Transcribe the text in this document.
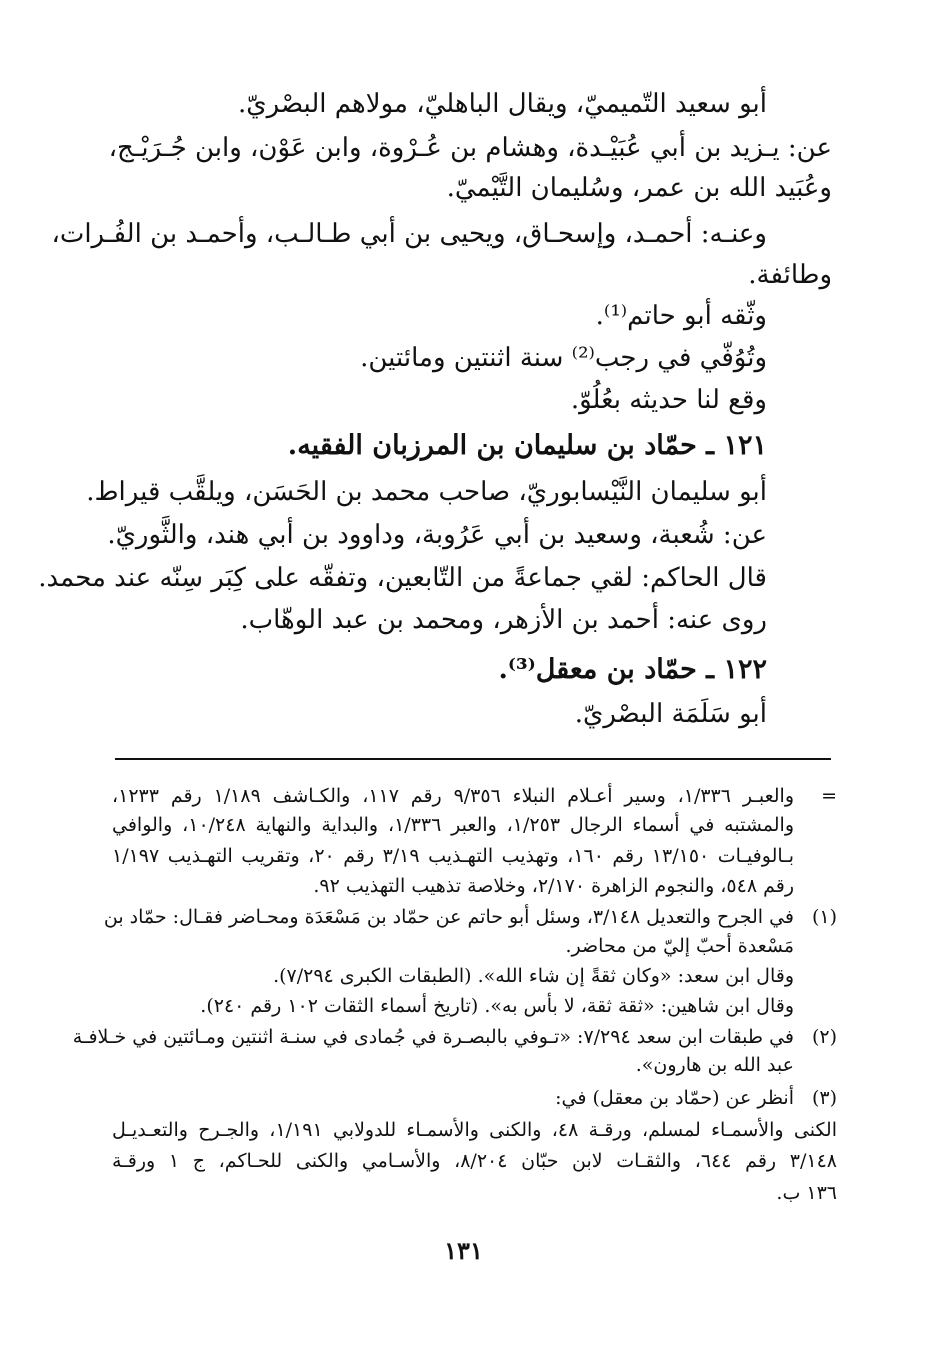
أبو سعيد التّميميّ، ويقال الباهليّ، مولاهم البصْريّ.
عن: يـزيد بن أبي عُبَيْـدة، وهشام بن عُـرْوة، وابن عَوْن، وابن جُـرَيْـج،
وعُبَيد الله بن عمر، وسُليمان التَّيْميّ.
وعنـه: أحمـد، وإسحـاق، ويحيى بن أبي طـالـب، وأحمـد بن الفُـرات،
وطائفة.
وثّقه أبو حاتم⁽¹⁾.
وتُوُفّي في رجب⁽²⁾ سنة اثنتين ومائتين.
وقع لنا حديثه بعُلُوّ.
١٢١ ـ حمّاد بن سليمان بن المرزبان الفقيه.
أبو سليمان النَّيْسابوريّ، صاحب محمد بن الحَسَن، ويلقَّب قيراط.
عن: شُعبة، وسعيد بن أبي عَرُوبة، وداوود بن أبي هند، والثَّوريّ.
قال الحاكم: لقي جماعةً من التّابعين، وتفقّه على كِبَر سِنّه عند محمد.
روى عنه: أحمد بن الأزهر، ومحمد بن عبد الوهّاب.
١٢٢ ـ حمّاد بن معقل⁽³⁾.
أبو سَلَمَة البصْريّ.
=
والعبـر ١/٣٣٦، وسير أعـلام النبلاء ٩/٣٥٦ رقم ١١٧، والكـاشف ١/١٨٩ رقم ١٢٣٣،
والمشتبه في أسماء الرجال ١/٢٥٣، والعبر ١/٣٣٦، والبداية والنهاية ١٠/٢٤٨، والوافي
بـالوفيـات ١٣/١٥٠ رقم ١٦٠، وتهذيب التهـذيب ٣/١٩ رقم ٢٠، وتقريب التهـذيب ١/١٩٧
رقم ٥٤٨، والنجوم الزاهرة ٢/١٧٠، وخلاصة تذهيب التهذيب ٩٢.
(١)
في الجرح والتعديل ٣/١٤٨، وسئل أبو حاتم عن حمّاد بن مَسْعَدَة ومحـاضر فقـال: حمّاد بن
مَسْعدة أحبّ إليّ من محاضر.
وقال ابن سعد: «وكان ثقةً إن شاء الله». (الطبقات الكبرى ٧/٢٩٤).
وقال ابن شاهين: «ثقة ثقة، لا بأس به». (تاريخ أسماء الثقات ١٠٢ رقم ٢٤٠).
(٢)
في طبقات ابن سعد ٧/٢٩٤: «تـوفي بالبصـرة في جُمادى في سنـة اثنتين ومـائتين في خـلافـة
عبد الله بن هارون».
(٣)
أنظر عن (حمّاد بن معقل) في:
الكنى والأسمـاء لمسلم، ورقـة ٤٨، والكنى والأسمـاء للدولابي ١/١٩١، والجـرح والتعـديـل
٣/١٤٨ رقم ٦٤٤، والثقـات لابن حبّان ٨/٢٠٤، والأسـامي والكنى للحـاكم، ج ١ ورقـة
١٣٦ ب.
١٣١
